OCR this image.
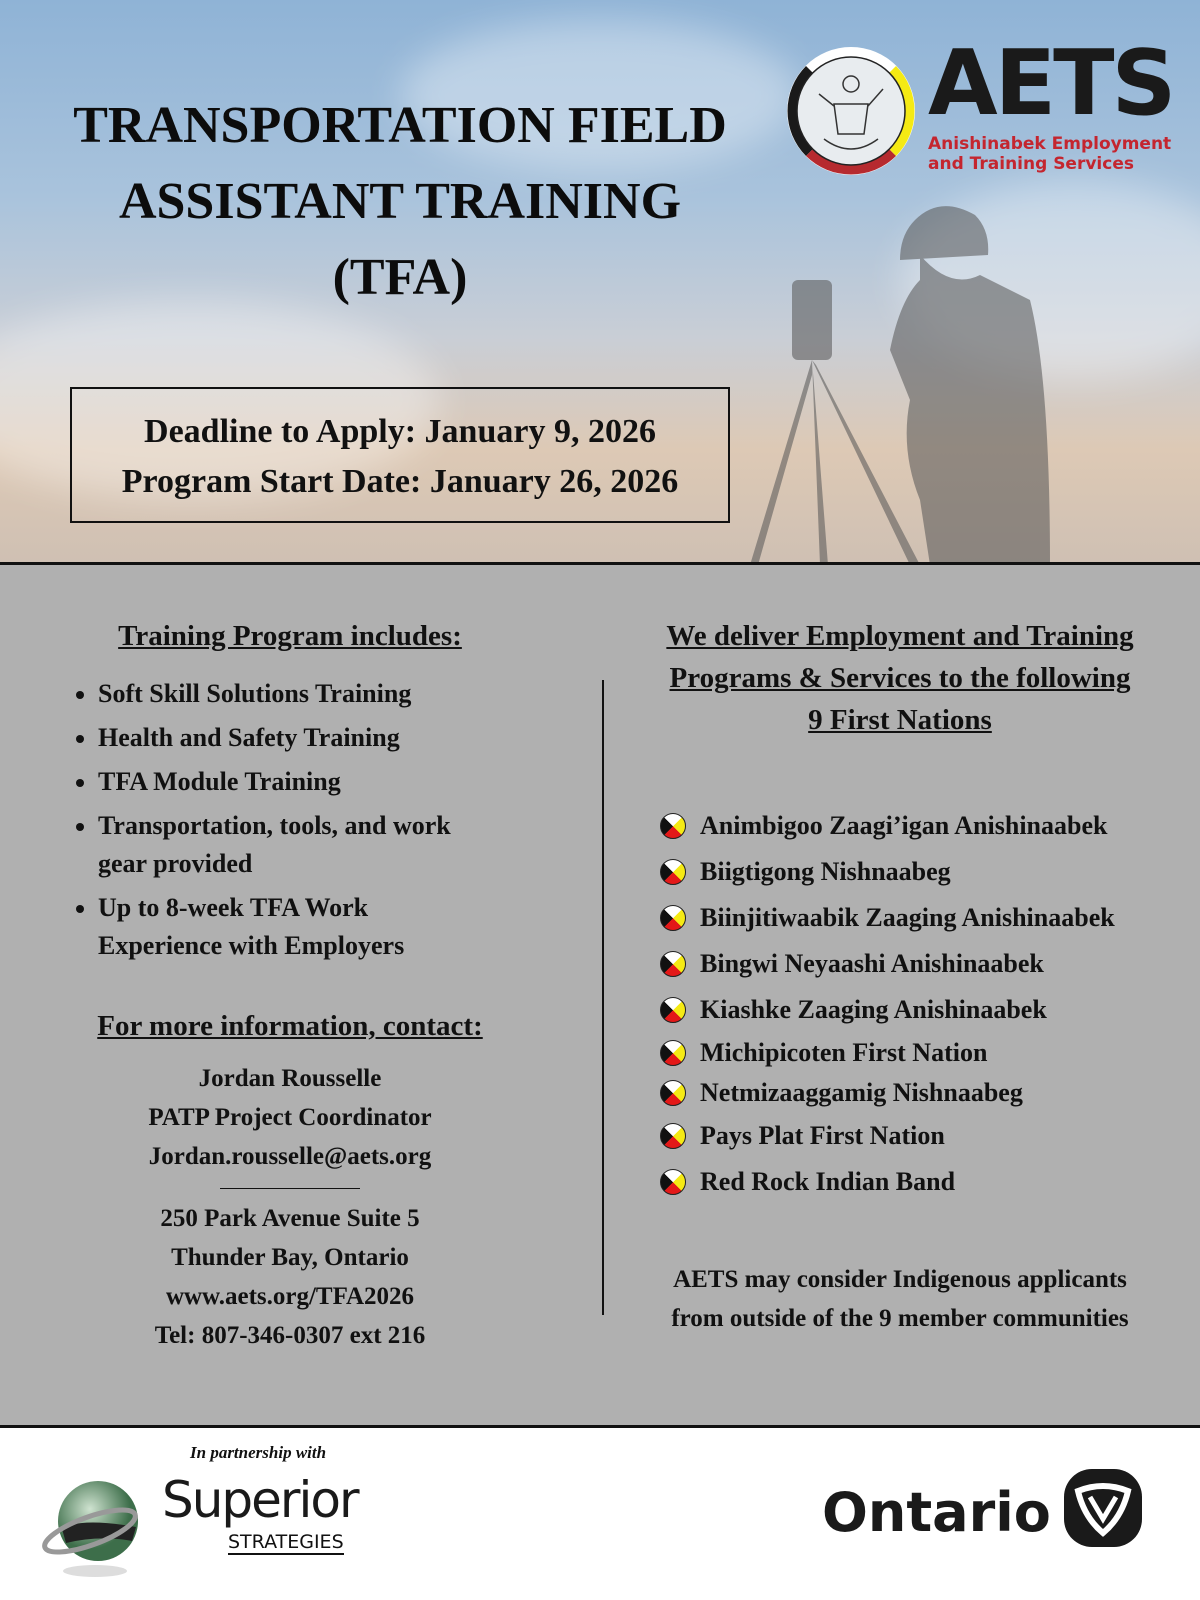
TRANSPORTATION FIELD
ASSISTANT TRAINING
(TFA)
Deadline to Apply: January 9, 2026
Program Start Date: January 26, 2026
AETS
Anishinabek Employment
and Training Services
Training Program includes:
• Soft Skill Solutions Training
• Health and Safety Training
• TFA Module Training
• Transportation, tools, and work gear provided
• Up to 8-week TFA Work Experience with Employers
For more information, contact:
Jordan Rousselle
PATP Project Coordinator
Jordan.rousselle@aets.org
250 Park Avenue Suite 5
Thunder Bay, Ontario
www.aets.org/TFA2026
Tel: 807-346-0307 ext 216
We deliver Employment and Training
Programs & Services to the following
9 First Nations
Animbigoo Zaagi’igan Anishinaabek
Biigtigong Nishnaabeg
Biinjitiwaabik Zaaging Anishinaabek
Bingwi Neyaashi Anishinaabek
Kiashke Zaaging Anishinaabek
Michipicoten First Nation
Netmizaaggamig Nishnaabeg
Pays Plat First Nation
Red Rock Indian Band
AETS may consider Indigenous applicants
from outside of the 9 member communities
In partnership with
Superior
STRATEGIES	Ontario
